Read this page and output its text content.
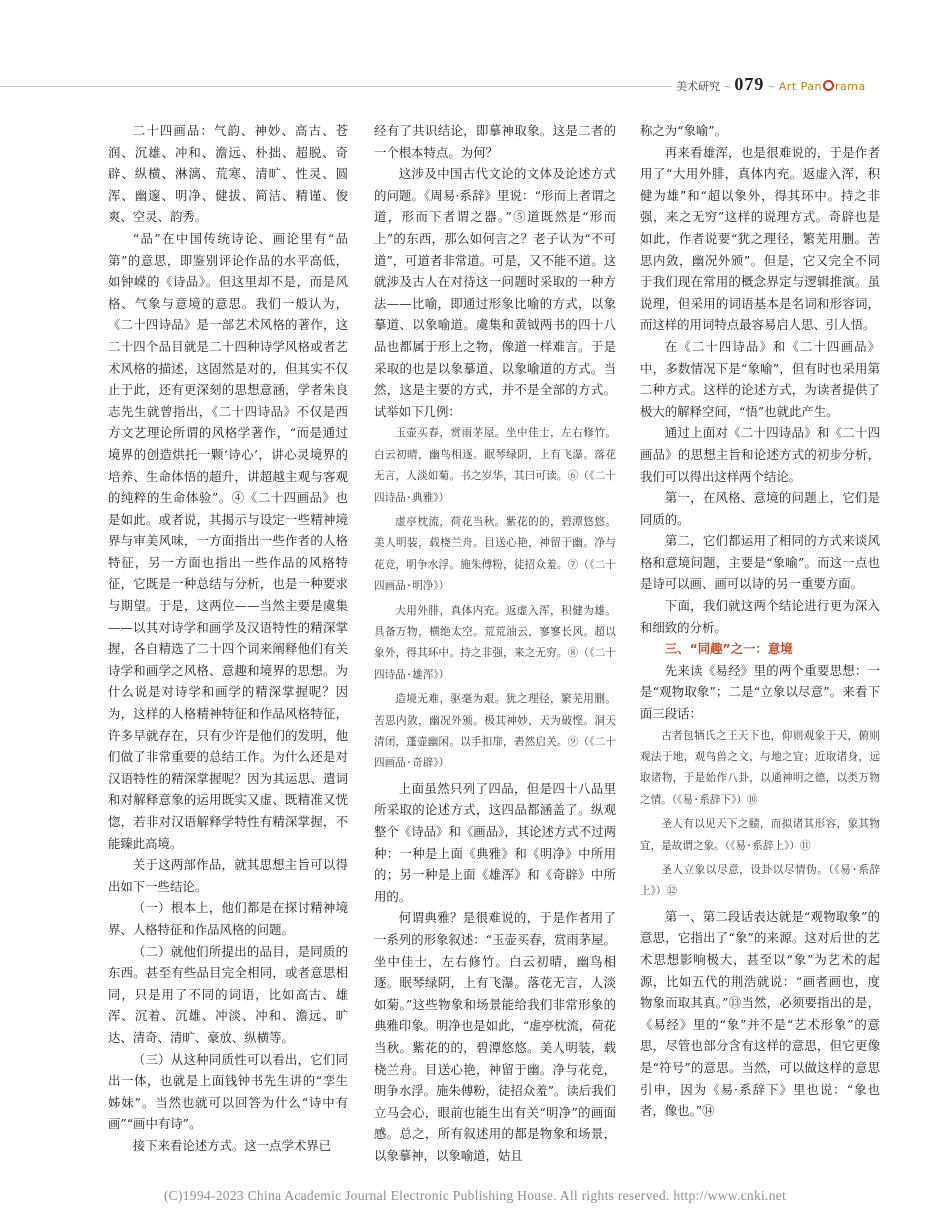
美术研究 ~ 079 ~ Art Pan rama

二十四画品：气韵、神妙、高古、苍润、沉雄、冲和、澹远、朴拙、超脱、奇辟、纵横、淋漓、荒寒、清旷、性灵、圆浑、幽邃、明净、健拔、简洁、精谨、俊爽、空灵、韵秀。

“品”在中国传统诗论、画论里有“品第”的意思，即鉴别评论作品的水平高低，如钟嵘的《诗品》。但这里却不是，而是风格、气象与意境的意思。我们一般认为，《二十四诗品》是一部艺术风格的著作，这二十四个品目就是二十四种诗学风格或者艺术风格的描述，这固然是对的，但其实不仅止于此，还有更深刻的思想意涵，学者朱良志先生就曾指出，《二十四诗品》不仅是西方文艺理论所谓的风格学著作，“而是通过境界的创造烘托一颗‘诗心’，讲心灵境界的培养、生命体悟的超升，讲超越主观与客观的纯粹的生命体验”。④《二十四画品》也是如此。或者说，其揭示与设定一些精神境界与审美风味，一方面指出一些作者的人格特征，另一方面也指出一些作品的风格特征，它既是一种总结与分析，也是一种要求与期望。于是，这两位——当然主要是虞集——以其对诗学和画学及汉语特性的精深掌握，各自精选了二十四个词来阐释他们有关诗学和画学之风格、意趣和境界的思想。为什么说是对诗学和画学的精深掌握呢？因为，这样的人格精神特征和作品风格特征，许多早就存在，只有少许是他们的发明，他们做了非常重要的总结工作。为什么还是对汉语特性的精深掌握呢？因为其运思、遣词和对解释意象的运用既实又虚、既精准又恍惚，若非对汉语解释学特性有精深掌握，不能臻此高境。

关于这两部作品，就其思想主旨可以得出如下一些结论。

（一）根本上，他们都是在探讨精神境界、人格特征和作品风格的问题。

（二）就他们所提出的品目，是同质的东西。甚至有些品目完全相同，或者意思相同，只是用了不同的词语，比如高古、雄浑、沉着、沉雄、冲淡、冲和、澹远、旷达、清奇、清旷、豪放、纵横等。

（三）从这种同质性可以看出，它们同出一体，也就是上面钱钟书先生讲的“孪生姊妹”。当然也就可以回答为什么“诗中有画”“画中有诗”。

接下来看论述方式。这一点学术界已

经有了共识结论，即摹神取象。这是二者的一个根本特点。为何？

这涉及中国古代文论的文体及论述方式的问题。《周易·系辞》里说：“形而上者谓之道，形而下者谓之器。”⑤道既然是“形而上”的东西，那么如何言之？老子认为“不可道”，可道者非常道。可是，又不能不道。这就涉及古人在对待这一问题时采取的一种方法——比喻，即通过形象比喻的方式，以象摹道、以象喻道。虞集和黄钺两书的四十八品也都属于形上之物，像道一样难言。于是采取的也是以象摹道、以象喻道的方式。当然，这是主要的方式，并不是全部的方式。试举如下几例：

玉壶买春，赏雨茅屋。坐中佳士，左右修竹。白云初晴，幽鸟相逐。眠琴绿阴，上有飞瀑。落花无言，人淡如菊。书之岁华，其曰可读。⑥（《二十四诗品·典雅》）

虚亭枕流，荷花当秋。紫花的的，碧潭悠悠。美人明装，载桡兰舟。目送心艳，神留于幽。净与花竞，明争水浮。施朱傅粉，徒招众羞。⑦（《二十四画品·明净》）

大用外腓，真体内充。返虚入浑，积健为雄。具备万物，横绝太空。荒荒油云，寥寥长风。超以象外，得其环中。持之非强，来之无穷。⑧（《二十四诗品·雄浑》）

造境无难，驱毫为艰。犹之理径，繁芜用删。苦思内敛，幽况外颁。极其神妙，天为破悭。洞天清闭，蓬壶幽闲。以手扣扉，砉然启关。⑨（《二十四画品·奇辟》）

上面虽然只列了四品，但是四十八品里所采取的论述方式，这四品都涵盖了。纵观整个《诗品》和《画品》，其论述方式不过两种：一种是上面《典雅》和《明净》中所用的；另一种是上面《雄浑》和《奇辟》中所用的。

何谓典雅？是很难说的，于是作者用了一系列的形象叙述：“玉壶买春，赏雨茅屋。坐中佳士，左右修竹。白云初晴，幽鸟相逐。眠琴绿阴，上有飞瀑。落花无言，人淡如菊。”这些物象和场景能给我们非常形象的典雅印象。明净也是如此，“虚亭枕流，荷花当秋。紫花的的，碧潭悠悠。美人明装，载桡兰舟。目送心艳，神留于幽。净与花竞，明争水浮。施朱傅粉，徒招众羞”。读后我们立马会心，眼前也能生出有关“明净”的画面感。总之，所有叙述用的都是物象和场景，以象摹神，以象喻道，姑且

称之为“象喻”。

再来看雄浑，也是很难说的，于是作者用了“大用外腓，真体内充。返虚入浑，积健为雄”和“超以象外，得其环中。持之非强，来之无穷”这样的说理方式。奇辟也是如此，作者说要“犹之理径，繁芜用删。苦思内敛，幽况外颁”。但是，它又完全不同于我们现在常用的概念界定与逻辑推演。虽说理，但采用的词语基本是名词和形容词，而这样的用词特点最容易启人思、引人悟。

在《二十四诗品》和《二十四画品》中，多数情况下是“象喻”，但有时也采用第二种方式。这样的论述方式，为读者提供了极大的解释空间，“悟”也就此产生。

通过上面对《二十四诗品》和《二十四画品》的思想主旨和论述方式的初步分析，我们可以得出这样两个结论。

第一，在风格、意境的问题上，它们是同质的。

第二，它们都运用了相同的方式来谈风格和意境问题，主要是“象喻”。而这一点也是诗可以画、画可以诗的另一重要方面。

下面，我们就这两个结论进行更为深入和细致的分析。

三、“同趣”之一：意境

先来读《易经》里的两个重要思想：一是“观物取象”；二是“立象以尽意”。来看下面三段话：

古者包牺氏之王天下也，仰则观象于天，俯则观法于地，观鸟兽之文，与地之宜；近取诸身，远取诸物，于是始作八卦，以通神明之德，以类万物之情。（《易·系辞下》）⑩

圣人有以见天下之赜，而拟诸其形容，象其物宜，是故谓之象。（《易·系辞上》）⑪

圣人立象以尽意，设卦以尽情伪。（《易·系辞上》）⑫

第一、第二段话表达就是“观物取象”的意思，它指出了“象”的来源。这对后世的艺术思想影响极大，甚至以“象”为艺术的起源，比如五代的荆浩就说：“画者画也，度物象而取其真。”⑬当然，必须要指出的是，《易经》里的“象”并不是“艺术形象”的意思，尽管也部分含有这样的意思，但它更像是“符号”的意思。当然，可以做这样的意思引申，因为《易·系辞下》里也说：“象也者，像也。”⑭

(C)1994-2023 China Academic Journal Electronic Publishing House. All rights reserved. http://www.cnki.net
